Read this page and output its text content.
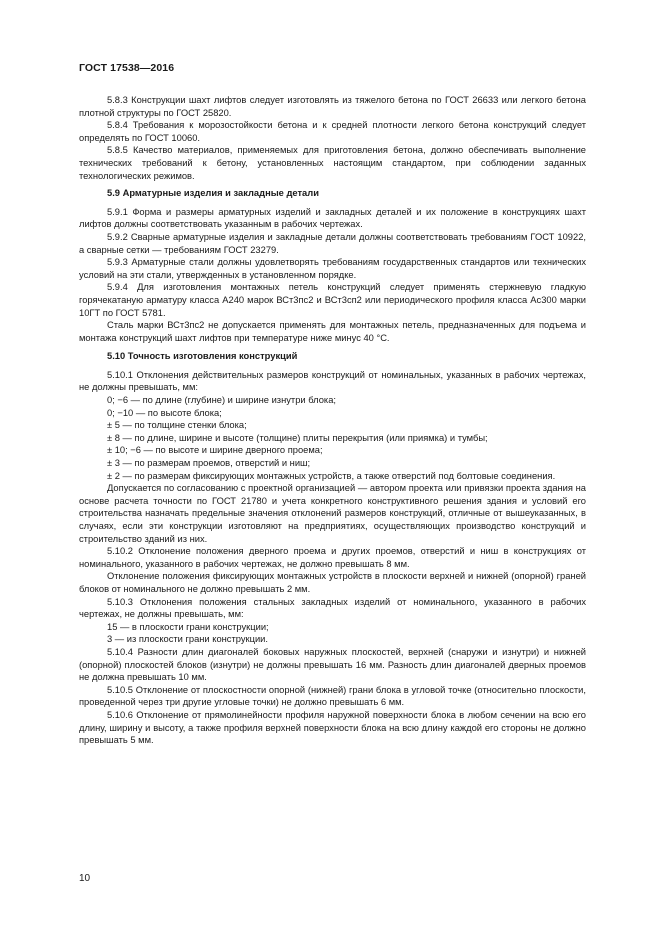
ГОСТ 17538—2016

5.8.3 Конструкции шахт лифтов следует изготовлять из тяжелого бетона по ГОСТ 26633 или легкого бетона плотной структуры по ГОСТ 25820.

5.8.4 Требования к морозостойкости бетона и к средней плотности легкого бетона конструкций следует определять по ГОСТ 10060.

5.8.5 Качество материалов, применяемых для приготовления бетона, должно обеспечивать выполнение технических требований к бетону, установленных настоящим стандартом, при соблюдении заданных технологических режимов.

5.9 Арматурные изделия и закладные детали

5.9.1 Форма и размеры арматурных изделий и закладных деталей и их положение в конструкциях шахт лифтов должны соответствовать указанным в рабочих чертежах.

5.9.2 Сварные арматурные изделия и закладные детали должны соответствовать требованиям ГОСТ 10922, а сварные сетки — требованиям ГОСТ 23279.

5.9.3 Арматурные стали должны удовлетворять требованиям государственных стандартов или технических условий на эти стали, утвержденных в установленном порядке.

5.9.4 Для изготовления монтажных петель конструкций следует применять стержневую гладкую горячекатаную арматуру класса А240 марок ВСт3пс2 и ВСт3сп2 или периодического профиля класса Ас300 марки 10ГТ по ГОСТ 5781.

Сталь марки ВСт3пс2 не допускается применять для монтажных петель, предназначенных для подъема и монтажа конструкций шахт лифтов при температуре ниже минус 40 °С.

5.10 Точность изготовления конструкций

5.10.1 Отклонения действительных размеров конструкций от номинальных, указанных в рабочих чертежах, не должны превышать, мм:

0; −6 — по длине (глубине) и ширине изнутри блока;

0; −10 — по высоте блока;

± 5 — по толщине стенки блока;

± 8 — по длине, ширине и высоте (толщине) плиты перекрытия (или приямка) и тумбы;

± 10; −6 — по высоте и ширине дверного проема;

± 3 — по размерам проемов, отверстий и ниш;

± 2 — по размерам фиксирующих монтажных устройств, а также отверстий под болтовые соединения.

Допускается по согласованию с проектной организацией — автором проекта или привязки проекта здания на основе расчета точности по ГОСТ 21780 и учета конкретного конструктивного решения здания и условий его строительства назначать предельные значения отклонений размеров конструкций, отличные от вышеуказанных, в случаях, если эти конструкции изготовляют на предприятиях, осуществляющих производство конструкций и строительство зданий из них.

5.10.2 Отклонение положения дверного проема и других проемов, отверстий и ниш в конструкциях от номинального, указанного в рабочих чертежах, не должно превышать 8 мм.

Отклонение положения фиксирующих монтажных устройств в плоскости верхней и нижней (опорной) граней блоков от номинального не должно превышать 2 мм.

5.10.3 Отклонения положения стальных закладных изделий от номинального, указанного в рабочих чертежах, не должны превышать, мм:

15 — в плоскости грани конструкции;

3 — из плоскости грани конструкции.

5.10.4 Разности длин диагоналей боковых наружных плоскостей, верхней (снаружи и изнутри) и нижней (опорной) плоскостей блоков (изнутри) не должны превышать 16 мм. Разность длин диагоналей дверных проемов не должна превышать 10 мм.

5.10.5 Отклонение от плоскостности опорной (нижней) грани блока в угловой точке (относительно плоскости, проведенной через три другие угловые точки) не должно превышать 6 мм.

5.10.6 Отклонение от прямолинейности профиля наружной поверхности блока в любом сечении на всю его длину, ширину и высоту, а также профиля верхней поверхности блока на всю длину каждой его стороны не должно превышать 5 мм.

10
